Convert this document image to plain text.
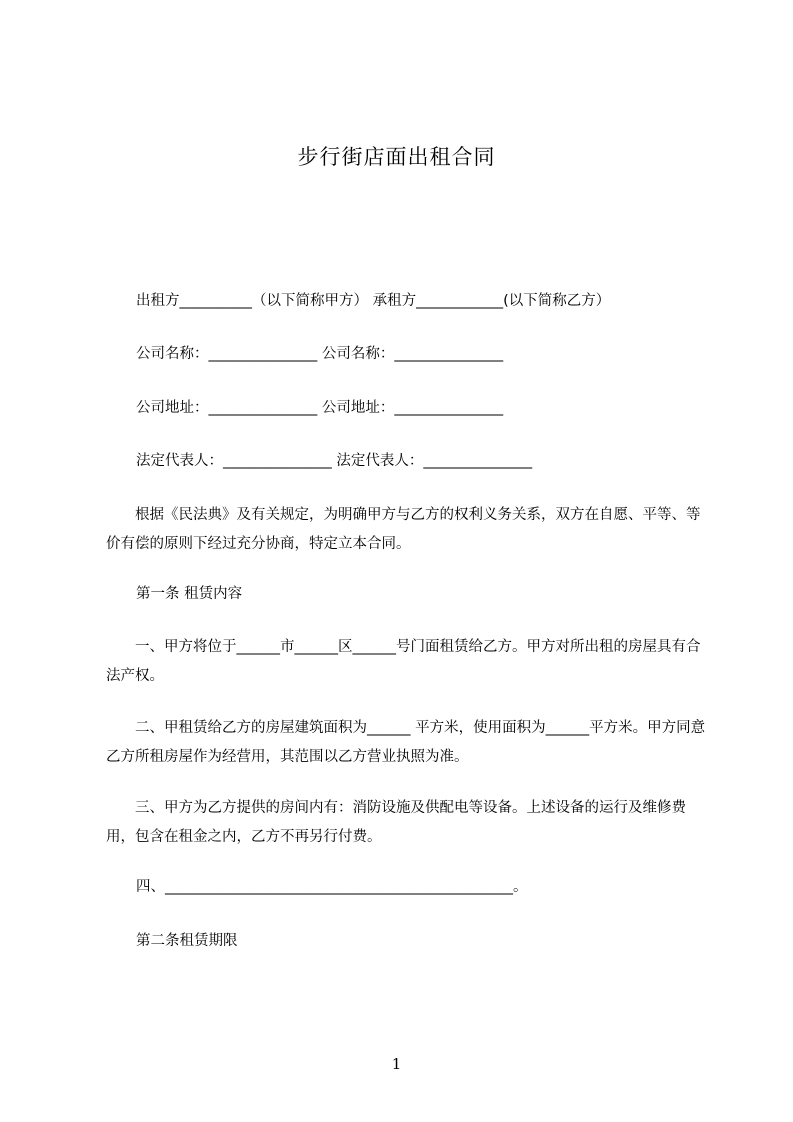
步行街店面出租合同
出租方__________（以下简称甲方） 承租方____________(以下简称乙方）
公司名称：_______________ 公司名称：_______________
公司地址：_______________ 公司地址：_______________
法定代表人：_______________ 法定代表人：_______________

　　根据《民法典》及有关规定，为明确甲方与乙方的权利义务关系，双方在自愿、平等、等价有偿的原则下经过充分协商，特定立本合同。

第一条 租赁内容

　　一、甲方将位于______市______区______号门面租赁给乙方。甲方对所出租的房屋具有合法产权。

　　二、甲租赁给乙方的房屋建筑面积为______ 平方米，使用面积为______平方米。甲方同意乙方所租房屋作为经营用，其范围以乙方营业执照为准。

　　三、甲方为乙方提供的房间内有：消防设施及供配电等设备。上述设备的运行及维修费用，包含在租金之内，乙方不再另行付费。

四、________________________________________________。
第二条租赁期限
1
